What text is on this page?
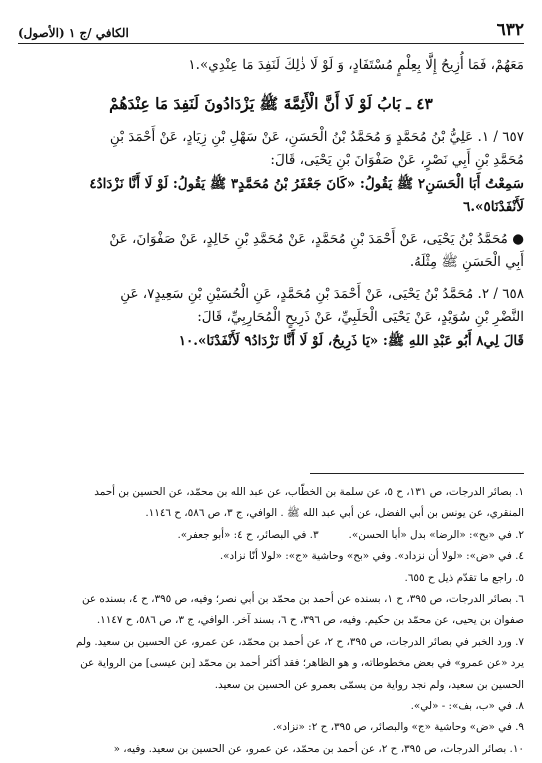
٦٣٢
الكافي /ج ١ (الأصول)

مَعَهُمْ، فَمَا أُزِيحُ إِلَّا بِعِلْمٍ مُسْتَفَادٍ، وَ لَوْ لَا ذٰلِكَ لَنَفِدَ مَا عِنْدِي».١

٤٣ ـ بَابُ لَوْ لَا أَنَّ الْأَئِمَّةَ ﷺ يَزْدَادُونَ لَنَفِدَ مَا عِنْدَهُمْ

٦٥٧ / ١. عَلِيُّ بْنُ مُحَمَّدٍ وَ مُحَمَّدُ بْنُ الْحَسَنِ، عَنْ سَهْلِ بْنِ زِيَادٍ، عَنْ أَحْمَدَ بْنِ

مُحَمَّدِ بْنِ أَبِي نَصْرٍ، عَنْ صَفْوَانَ بْنِ يَحْيَى، قَالَ:

سَمِعْتُ أَبَا الْحَسَنِ٢ ﷺ يَقُولُ: «كَانَ جَعْفَرُ بْنُ مُحَمَّدٍ٣ ﷺ يَقُولُ: لَوْ لَا أَنَّا نَزْدَادُ٤

لَأَنْفَدْنَا٥».٦

● مُحَمَّدُ بْنُ يَحْيَى، عَنْ أَحْمَدَ بْنِ مُحَمَّدٍ، عَنْ مُحَمَّدِ بْنِ خَالِدٍ، عَنْ صَفْوَانَ، عَنْ

أَبِي الْحَسَنِ ﷺ مِثْلَهُ.

٦٥٨ / ٢. مُحَمَّدُ بْنُ يَحْيَى، عَنْ أَحْمَدَ بْنِ مُحَمَّدٍ، عَنِ الْحُسَيْنِ بْنِ سَعِيدٍ٧، عَنِ

النَّضْرِ بْنِ سُوَيْدٍ، عَنْ يَحْيَى الْحَلَبِيِّ، عَنْ ذَرِيحٍ الْمُحَارِبِيِّ، قَالَ:

قَالَ لِي٨ أَبُو عَبْدِ اللهِ ﷺ: «يَا ذَرِيحُ، لَوْ لَا أَنَّا نَزْدَادُ٩ لَأَنْفَدْنَا».١٠

١. بصائر الدرجات، ص ١٣١، ح ٥، عن سلمة بن الخطّاب، عن عبد الله بن محمّد، عن الحسين بن أحمد

المنقري، عن يونس بن أبي الفضل، عن أبي عبد الله ﷺ . الوافي، ج ٣، ص ٥٨٦، ح ١١٤٦.

٢. في «بح»: «الرضا» بدل «أبا الحسن».
٣. في البصائر، ح ٤: «أبو جعفر».

٤. في «ض»: «لولا أن نزداد». وفي «بح» وحاشية «ج»: «لولا أنّا نزاد».

٥. راجع ما تقدّم ذيل ح ٦٥٥.

٦. بصائر الدرجات، ص ٣٩٥، ح ١، بسنده عن أحمد بن محمّد بن أبي نصر؛ وفيه، ص ٣٩٥، ح ٤، بسنده عن

صفوان بن يحيى، عن محمّد بن حكيم. وفيه، ص ٣٩٦، ح ٦، بسند آخر. الوافي، ج ٣، ص ٥٨٦، ح ١١٤٧.

٧. ورد الخبر في بصائر الدرجات، ص ٣٩٥، ح ٢، عن أحمد بن محمّد، عن عمرو، عن الحسين بن سعيد. ولم

يرد «عن عمرو» في بعض مخطوطاته، و هو الظاهر؛ فقد أكثر أحمد بن محمّد [بن عيسى] من الرواية عن

الحسين بن سعيد، ولم نجد رواية من يسمّى بعمرو عن الحسين بن سعيد.

٨. في «ب، بف»: - «لي».

٩. في «ض» وحاشية «ج» والبصائر، ص ٣٩٥، ح ٢: «نزاد».

١٠. بصائر الدرجات، ص ٣٩٥، ح ٢، عن أحمد بن محمّد، عن عمرو، عن الحسين بن سعيد. وفيه، «
